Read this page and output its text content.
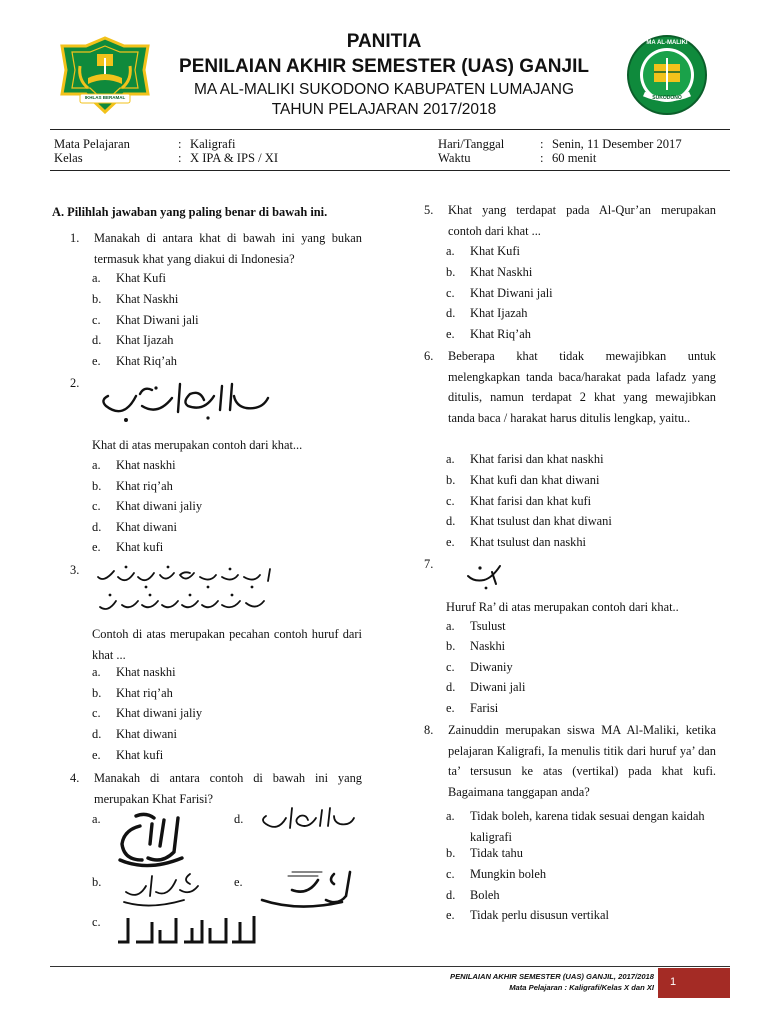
IKHLAS BERAMAL
MA AL-MALIKI
SUKODONO
PANITIA
PENILAIAN AKHIR SEMESTER (UAS) GANJIL
MA AL-MALIKI SUKODONO KABUPATEN LUMAJANG
TAHUN PELAJARAN 2017/2018
Mata Pelajaran	: Kaligrafi
Kelas	: X IPA & IPS / XI
Hari/Tanggal	: Senin, 11 Desember 2017
Waktu	: 60 menit
A. Pilihlah jawaban yang paling benar di bawah ini.
1. Manakah di antara khat di bawah ini yang bukan termasuk khat yang diakui di Indonesia?
a. Khat Kufi
b. Khat Naskhi
c. Khat Diwani jali
d. Khat Ijazah
e. Khat Riq’ah
2.
Khat di atas merupakan contoh dari khat...
a. Khat naskhi
b. Khat riq’ah
c. Khat diwani jaliy
d. Khat diwani
e. Khat kufi
3.
Contoh di atas merupakan pecahan contoh huruf dari khat ...
a. Khat naskhi
b. Khat riq’ah
c. Khat diwani jaliy
d. Khat diwani
e. Khat kufi
4. Manakah di antara contoh di bawah ini yang merupakan Khat Farisi?
a.	d.
b.	e.
c.
5. Khat yang terdapat pada Al-Qur’an merupakan contoh dari khat ...
a. Khat Kufi
b. Khat Naskhi
c. Khat Diwani jali
d. Khat Ijazah
e. Khat Riq’ah
6. Beberapa khat tidak mewajibkan untuk melengkapkan tanda baca/harakat pada lafadz yang ditulis, namun terdapat 2 khat yang mewajibkan tanda baca / harakat harus ditulis lengkap, yaitu..
a. Khat farisi dan khat naskhi
b. Khat kufi dan khat diwani
c. Khat farisi dan khat kufi
d. Khat tsulust dan khat diwani
e. Khat tsulust dan naskhi
7.
Huruf Ra’ di atas merupakan contoh dari khat..
a. Tsulust
b. Naskhi
c. Diwaniy
d. Diwani jali
e. Farisi
8. Zainuddin merupakan siswa MA Al-Maliki, ketika pelajaran Kaligrafi, Ia menulis titik dari huruf ya’ dan ta’ tersusun ke atas (vertikal) pada khat kufi. Bagaimana tanggapan anda?
a.	Tidak boleh, karena tidak sesuai dengan kaidah kaligrafi
b. Tidak tahu
c. Mungkin boleh
d. Boleh
e. Tidak perlu disusun vertikal
PENILAIAN AKHIR SEMESTER (UAS) GANJIL, 2017/2018
Mata Pelajaran : Kaligrafi/Kelas X dan XI 1
